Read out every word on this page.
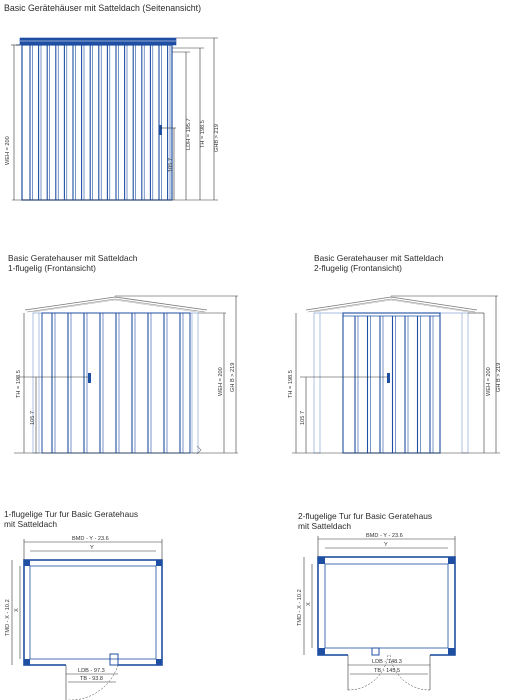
Basic Gerätehäuser mit Satteldach (Seitenansicht)
WEH = 200	105 7
LDH = 195.7 TH = 198.5 GHB > 219
Basic Geratehauser mit Satteldach
1-flugelig (Frontansicht)
TH = 198.5
105 7
WEH = 200 GH B > 219
Basic Geratehauser mit Satteldach
2-flugelig (Frontansicht)
TH = 198.5
105 7
WEH = 200 GH B > 219
1-flugelige Tur fur Basic Geratehaus
mit Satteldach
BMD - Y - 23.6
Y
TMD - X - 10.2 X
LDB - 97.3
TB - 93.8
2-flugelige Tur fur Basic Geratehaus
mit Satteldach
BMD - Y - 23.6
Y
TMD - X - 10.2 X
LDB - 148.3
TB - 145.5
